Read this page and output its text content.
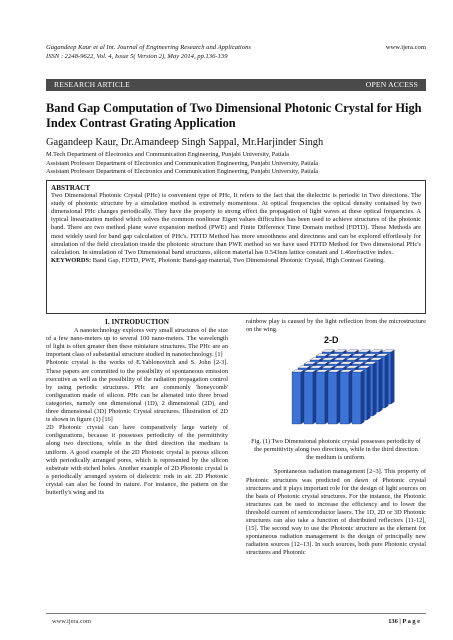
Gagandeep Kaur et al Int. Journal of Engineering Research and Applications
ISSN : 2248-9622, Vol. 4, Issue 5( Version 2), May 2014, pp.136-139
www.ijera.com
RESEARCH ARTICLE	OPEN ACCESS
Band Gap Computation of Two Dimensional Photonic Crystal for High Index Contrast Grating Application
Gagandeep Kaur, Dr.Amandeep Singh Sappal, Mr.Harjinder Singh
M.Tech Department of Electronics and Communication Engineering, Punjabi University, Patiala
Assistant Professor Department of Electronics and Communication Engineering, Punjabi University, Patiala
Assistant Professor Department of Electronics and Communication Engineering, Punjabi University, Patiala
ABSTRACT
Two Dimensional Photonic Crystal (PHc) is convenient type of PHc, It refers to the fact that the dielectric is periodic in Two directions. The study of photonic structure by a simulation method is extremely momentous. At optical frequencies the optical density contained by two dimensional PHc changes periodically. They have the property to strong effect the propagation of light waves at these optical frequencies. A typical linearization method which solves the common nonlinear Eigen values difficulties has been used to achieve structures of the photonic band. There are two method plane wave expansion method (PWE) and Finite Difference Time Domain method (FDTD). These Methods are most widely used for band gap calculation of PHc's. FDTD Method has more smoothness and directness and can be explored effortlessly for simulation of the field circulation inside the photonic structure than PWE method so we have used FDTD Method for Two dimensional PHc's calculation. In simulation of Two Dimensional band structures, silicon material has 0.543nm lattice constant and 1.46refractive index.
KEYWORDS: Band Gap, FDTD, PWE, Photonic Band-gap material, Two Dimensional Photonic Crystal, High Contrast Grating.
I. INTRODUCTION

A nanotechnology explores very small structures of the size of a few nano-meters up to several 100 nano-meters. The wavelength of light is often greater then these miniature structures. The PHc are an important class of substantial structure studied in nanotechnology. [1]

Photonic crystal is the works of E.Yablonovitch and S. John [2-3]. These papers are committed to the possibility of spontaneous emission executive as well as the possibility of the radiation propagation control by using periodic structures. PHc are commonly 'honeycomb' configuration made of silicon. PHc can be alienated into three broad categories, namely one dimensional (1D), 2 dimensional (2D), and three dimensional (3D) Photonic Crystal structures. Illustration of 2D is shown in figure (1) [16]

2D Photonic crystal can have comparatively large variety of configurations, because it possesses periodicity of the permittivity along two directions, while in the third direction the medium is uniform. A good example of the 2D Photonic crystal is porous silicon with periodically arranged pores, which is represented by the silicon substrate with etched holes. Another example of 2D Photonic crystal is a periodically arranged system of dielectric rods in air. 2D Photonic crystal can also be found in nature. For instance, the pattern on the butterfly's wing and its

rainbow play is caused by the light reflection from the microstructure on the wing.

2-D
Fig. (1) Two Dimensional photonic crystal possesses periodicity of the permittivity along two directions, while in the third direction the medium is uniform.

Spontaneous radiation management [2–3]. This property of Photonic structures was predicted on dawn of Photonic crystal structures and it plays important role for the design of light sources on the basis of Photonic crystal structures. For the instance, the Photonic structures can be used to increase the efficiency and to lower the threshold current of semiconductor lasers. The 1D, 2D or 3D Photonic structures can also take a function of distributed reflectors [11-12], [15]. The second way to use the Photonic structure as the element for spontaneous radiation management is the design of principally new radiation sources [12–13]. In such sources, both pure Photonic crystal structures and Photonic

www.ijera.com	136 | P a g e
